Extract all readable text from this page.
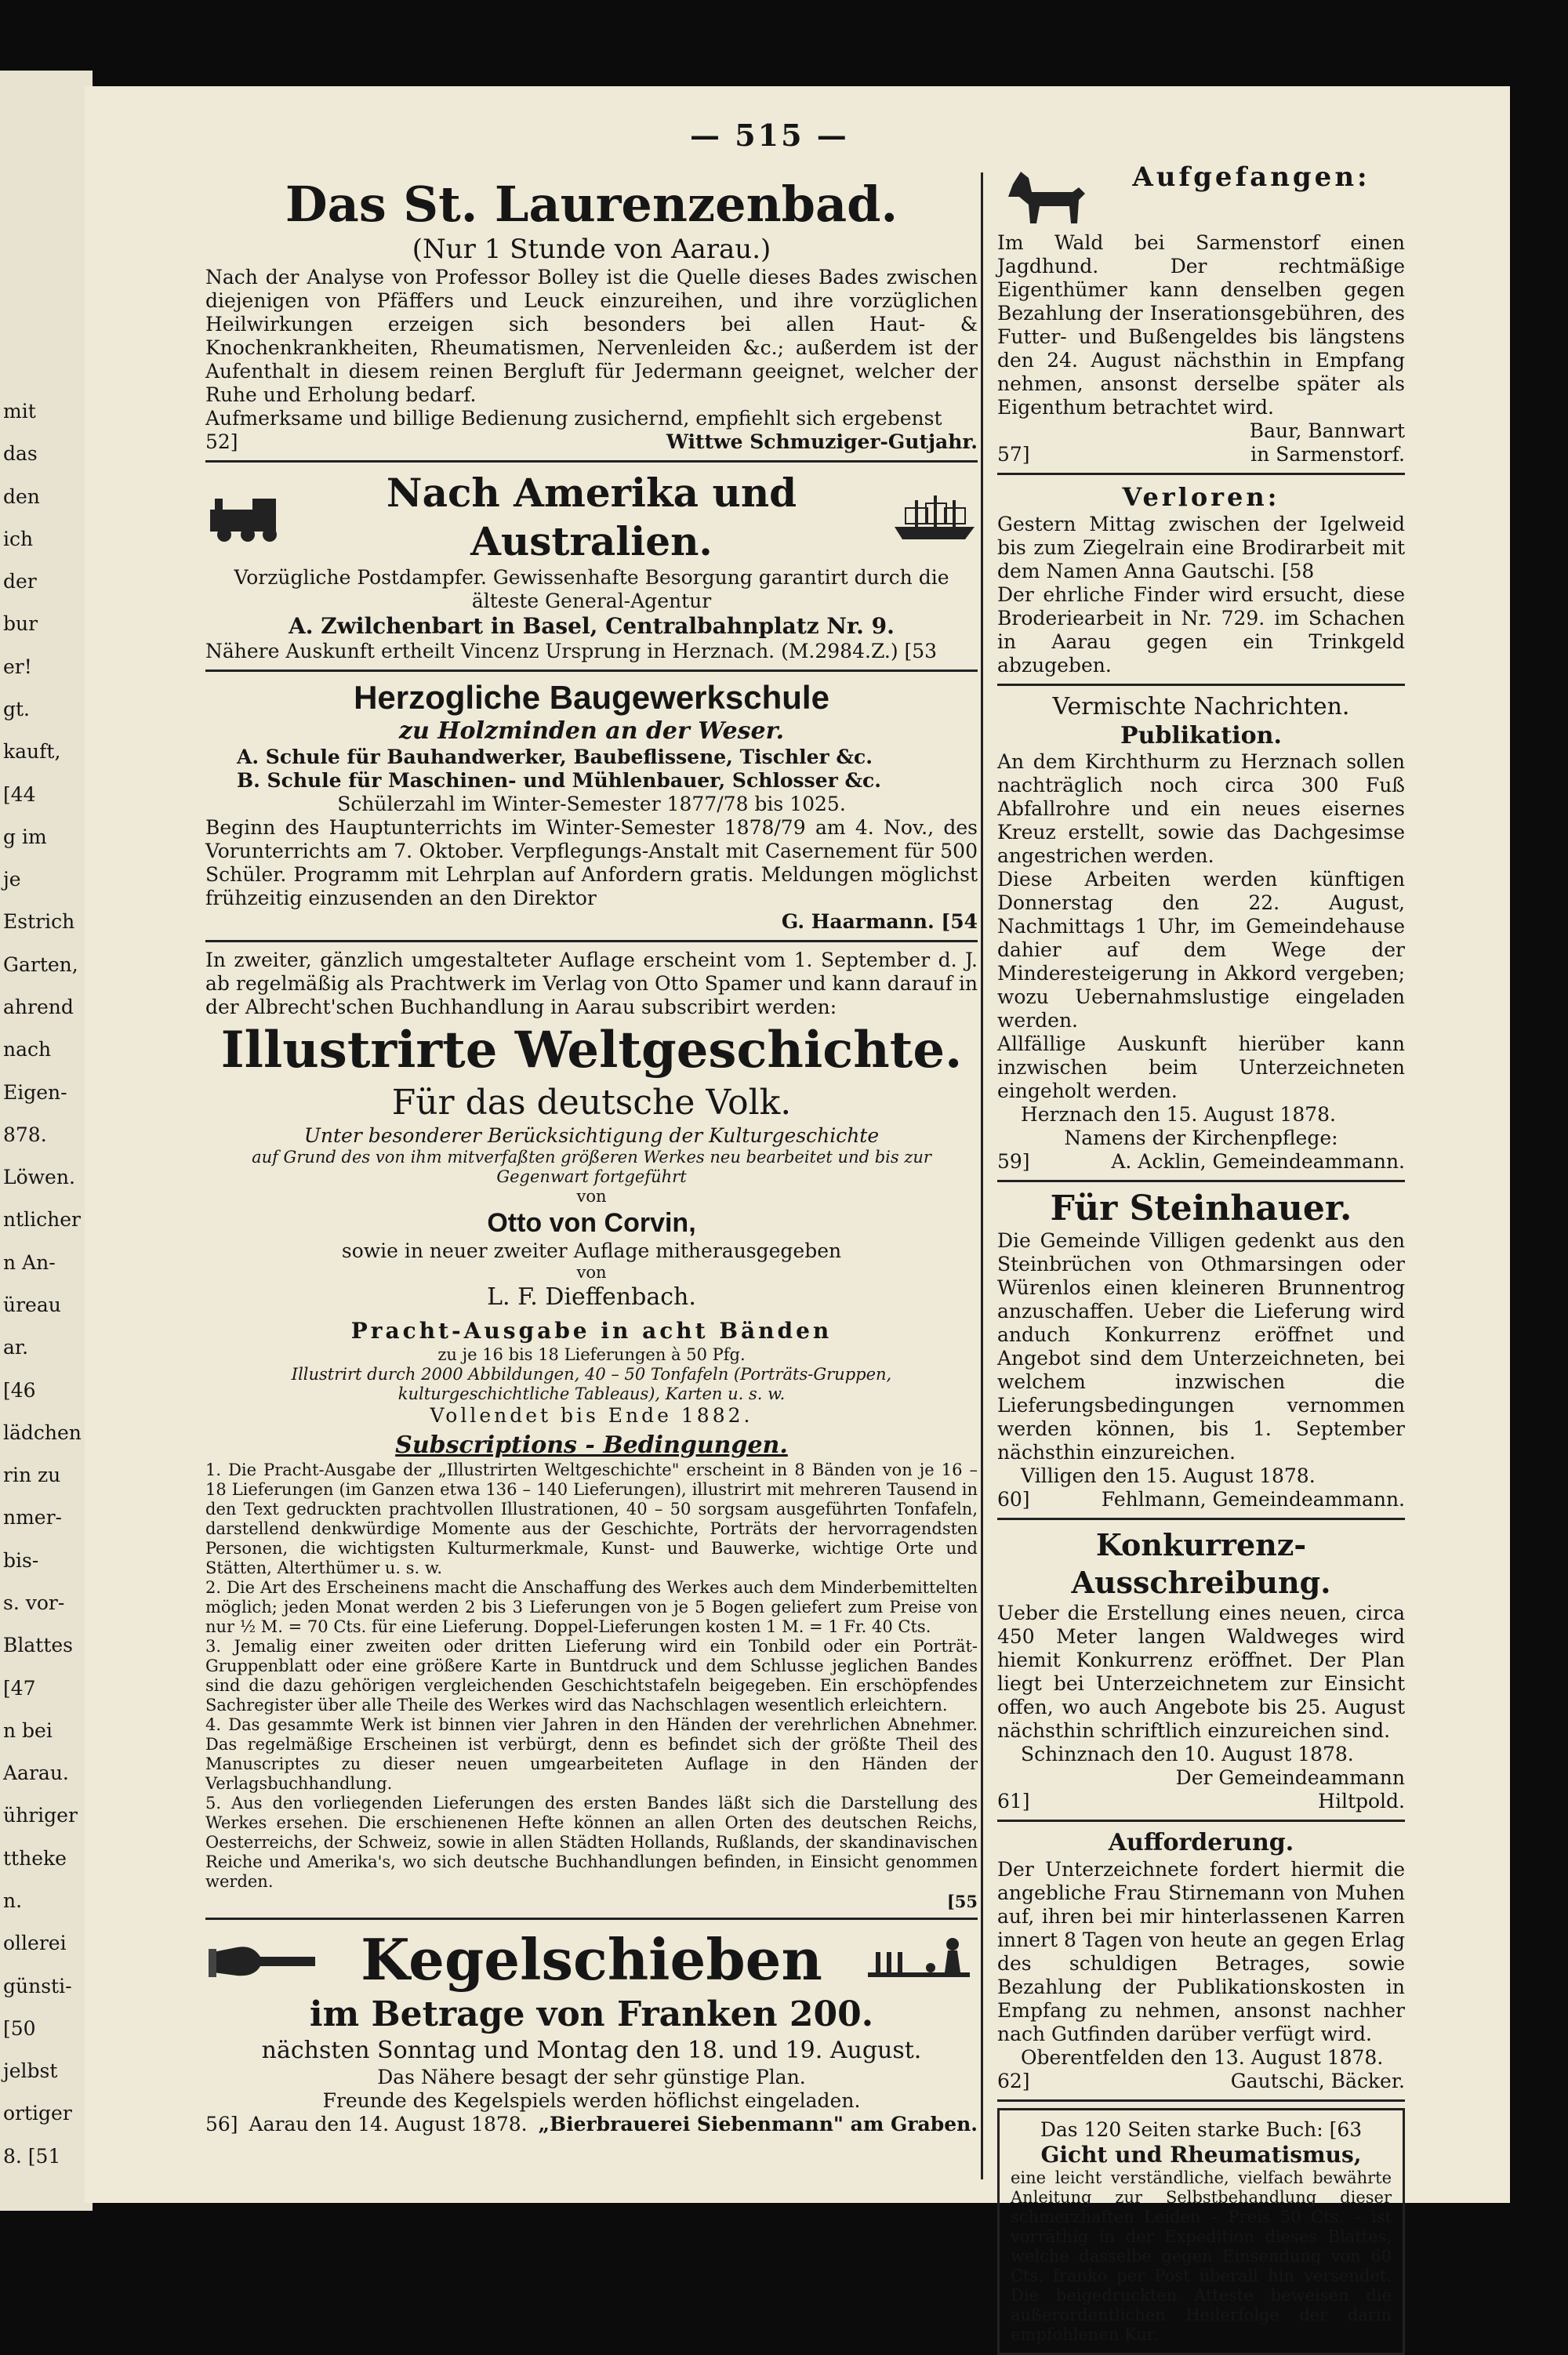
mit
das
den
ich
der
bur
er!
gt.
kauft,
[44
g im
je
Estrich
Garten,
ahrend
nach
Eigen-
878.
Löwen.
ntlicher
n An-
üreau
ar.
[46
lädchen
rin zu
nmer-
bis-
s. vor-
Blattes
[47
n bei
Aarau.
ühriger
ttheke
n.
ollerei
günsti-
[50
jelbst
ortiger
8. [51
— 515 —
Das St. Laurenzenbad.
(Nur 1 Stunde von Aarau.)
Nach der Analyse von Professor Bolley ist die Quelle dieses Bades zwischen diejenigen von Pfäffers und Leuck einzureihen, und ihre vorzüglichen Heilwirkungen erzeigen sich besonders bei allen Haut- & Knochenkrankheiten, Rheumatismen, Nervenleiden &c.; außerdem ist der Aufenthalt in diesem reinen Bergluft für Jedermann geeignet, welcher der Ruhe und Erholung bedarf.
Aufmerksame und billige Bedienung zusichernd, empfiehlt sich ergebenst
52]	Wittwe Schmuziger-Gutjahr.
Nach Amerika und Australien.
Vorzügliche Postdampfer. Gewissenhafte Besorgung garantirt durch die älteste General-Agentur
A. Zwilchenbart in Basel, Centralbahnplatz Nr. 9.
Nähere Auskunft ertheilt Vincenz Ursprung in Herznach. (M.2984.Z.) [53
Herzogliche Baugewerkschule
zu Holzminden an der Weser.
A. Schule für Bauhandwerker, Baubeflissene, Tischler &c.
B. Schule für Maschinen- und Mühlenbauer, Schlosser &c.
Schülerzahl im Winter-Semester 1877/78 bis 1025.
Beginn des Hauptunterrichts im Winter-Semester 1878/79 am 4. Nov., des Vorunterrichts am 7. Oktober. Verpflegungs-Anstalt mit Casernement für 500 Schüler. Programm mit Lehrplan auf Anfordern gratis. Meldungen möglichst frühzeitig einzusenden an den Direktor
G. Haarmann. [54
In zweiter, gänzlich umgestalteter Auflage erscheint vom 1. September d. J. ab regelmäßig als Prachtwerk im Verlag von Otto Spamer und kann darauf in der Albrecht'schen Buchhandlung in Aarau subscribirt werden:
Illustrirte Weltgeschichte.
Für das deutsche Volk.
Unter besonderer Berücksichtigung der Kulturgeschichte
auf Grund des von ihm mitverfaßten größeren Werkes neu bearbeitet und bis zur Gegenwart fortgeführt
von
Otto von Corvin,
sowie in neuer zweiter Auflage mitherausgegeben
von
L. F. Dieffenbach.
Pracht-Ausgabe in acht Bänden
zu je 16 bis 18 Lieferungen à 50 Pfg.
Illustrirt durch 2000 Abbildungen, 40 – 50 Tonfafeln (Porträts-Gruppen, kulturgeschichtliche Tableaus), Karten u. s. w.
Vollendet bis Ende 1882.
Subscriptions - Bedingungen.
1. Die Pracht-Ausgabe der „Illustrirten Weltgeschichte" erscheint in 8 Bänden von je 16 – 18 Lieferungen (im Ganzen etwa 136 – 140 Lieferungen), illustrirt mit mehreren Tausend in den Text gedruckten prachtvollen Illustrationen, 40 – 50 sorgsam ausgeführten Tonfafeln, darstellend denkwürdige Momente aus der Geschichte, Porträts der hervorragendsten Personen, die wichtigsten Kulturmerkmale, Kunst- und Bauwerke, wichtige Orte und Stätten, Alterthümer u. s. w.
2. Die Art des Erscheinens macht die Anschaffung des Werkes auch dem Minderbemittelten möglich; jeden Monat werden 2 bis 3 Lieferungen von je 5 Bogen geliefert zum Preise von nur ½ M. = 70 Cts. für eine Lieferung. Doppel-Lieferungen kosten 1 M. = 1 Fr. 40 Cts.
3. Jemalig einer zweiten oder dritten Lieferung wird ein Tonbild oder ein Porträt-Gruppenblatt oder eine größere Karte in Buntdruck und dem Schlusse jeglichen Bandes sind die dazu gehörigen vergleichenden Geschichtstafeln beigegeben. Ein erschöpfendes Sachregister über alle Theile des Werkes wird das Nachschlagen wesentlich erleichtern.
4. Das gesammte Werk ist binnen vier Jahren in den Händen der verehrlichen Abnehmer. Das regelmäßige Erscheinen ist verbürgt, denn es befindet sich der größte Theil des Manuscriptes zu dieser neuen umgearbeiteten Auflage in den Händen der Verlagsbuchhandlung.
5. Aus den vorliegenden Lieferungen des ersten Bandes läßt sich die Darstellung des Werkes ersehen. Die erschienenen Hefte können an allen Orten des deutschen Reichs, Oesterreichs, der Schweiz, sowie in allen Städten Hollands, Rußlands, der skandinavischen Reiche und Amerika's, wo sich deutsche Buchhandlungen befinden, in Einsicht genommen werden.
[55
Kegelschieben
im Betrage von Franken 200.
nächsten Sonntag und Montag den 18. und 19. August.
Das Nähere besagt der sehr günstige Plan.
Freunde des Kegelspiels werden höflichst eingeladen.
56] Aarau den 14. August 1878. „Bierbrauerei Siebenmann" am Graben.
Aufgefangen:
Im Wald bei Sarmenstorf einen Jagdhund. Der rechtmäßige Eigenthümer kann denselben gegen Bezahlung der Inserationsgebühren, des Futter- und Bußengeldes bis längstens den 24. August nächsthin in Empfang nehmen, ansonst derselbe später als Eigenthum betrachtet wird.
Baur, Bannwart
57]	in Sarmenstorf.
Verloren:
Gestern Mittag zwischen der Igelweid bis zum Ziegelrain eine Brodirarbeit mit dem Namen Anna Gautschi. [58
Der ehrliche Finder wird ersucht, diese Broderiearbeit in Nr. 729. im Schachen in Aarau gegen ein Trinkgeld abzugeben.
Vermischte Nachrichten.
Publikation.
An dem Kirchthurm zu Herznach sollen nachträglich noch circa 300 Fuß Abfallrohre und ein neues eisernes Kreuz erstellt, sowie das Dachgesimse angestrichen werden.
Diese Arbeiten werden künftigen Donnerstag den 22. August, Nachmittags 1 Uhr, im Gemeindehause dahier auf dem Wege der Minderesteigerung in Akkord vergeben; wozu Uebernahmslustige eingeladen werden.
Allfällige Auskunft hierüber kann inzwischen beim Unterzeichneten eingeholt werden.
Herznach den 15. August 1878.
Namens der Kirchenpflege:
59]	A. Acklin, Gemeindeammann.
Für Steinhauer.
Die Gemeinde Villigen gedenkt aus den Steinbrüchen von Othmarsingen oder Würenlos einen kleineren Brunnentrog anzuschaffen. Ueber die Lieferung wird anduch Konkurrenz eröffnet und Angebot sind dem Unterzeichneten, bei welchem inzwischen die Lieferungsbedingungen vernommen werden können, bis 1. September nächsthin einzureichen.
Villigen den 15. August 1878.
60]	Fehlmann, Gemeindeammann.
Konkurrenz-Ausschreibung.
Ueber die Erstellung eines neuen, circa 450 Meter langen Waldweges wird hiemit Konkurrenz eröffnet. Der Plan liegt bei Unterzeichnetem zur Einsicht offen, wo auch Angebote bis 25. August nächsthin schriftlich einzureichen sind.
Schinznach den 10. August 1878.
Der Gemeindeammann
61]	Hiltpold.
Aufforderung.
Der Unterzeichnete fordert hiermit die angebliche Frau Stirnemann von Muhen auf, ihren bei mir hinterlassenen Karren innert 8 Tagen von heute an gegen Erlag des schuldigen Betrages, sowie Bezahlung der Publikationskosten in Empfang zu nehmen, ansonst nachher nach Gutfinden darüber verfügt wird.
Oberentfelden den 13. August 1878.
62]	Gautschi, Bäcker.
Das 120 Seiten starke Buch: [63
Gicht und Rheumatismus,
eine leicht verständliche, vielfach bewährte Anleitung zur Selbstbehandlung dieser schmerzhaften Leiden – Preis 50 Cts. – ist vorräthig in der Expedition dieses Blattes, welche dasselbe gegen Einsendung von 60 Cts. franko per Post überall hin versendet. Die beigedruckten Atteste beweisen die außerordentlichen Heilerfolge der darin empfohlenen Kur.
